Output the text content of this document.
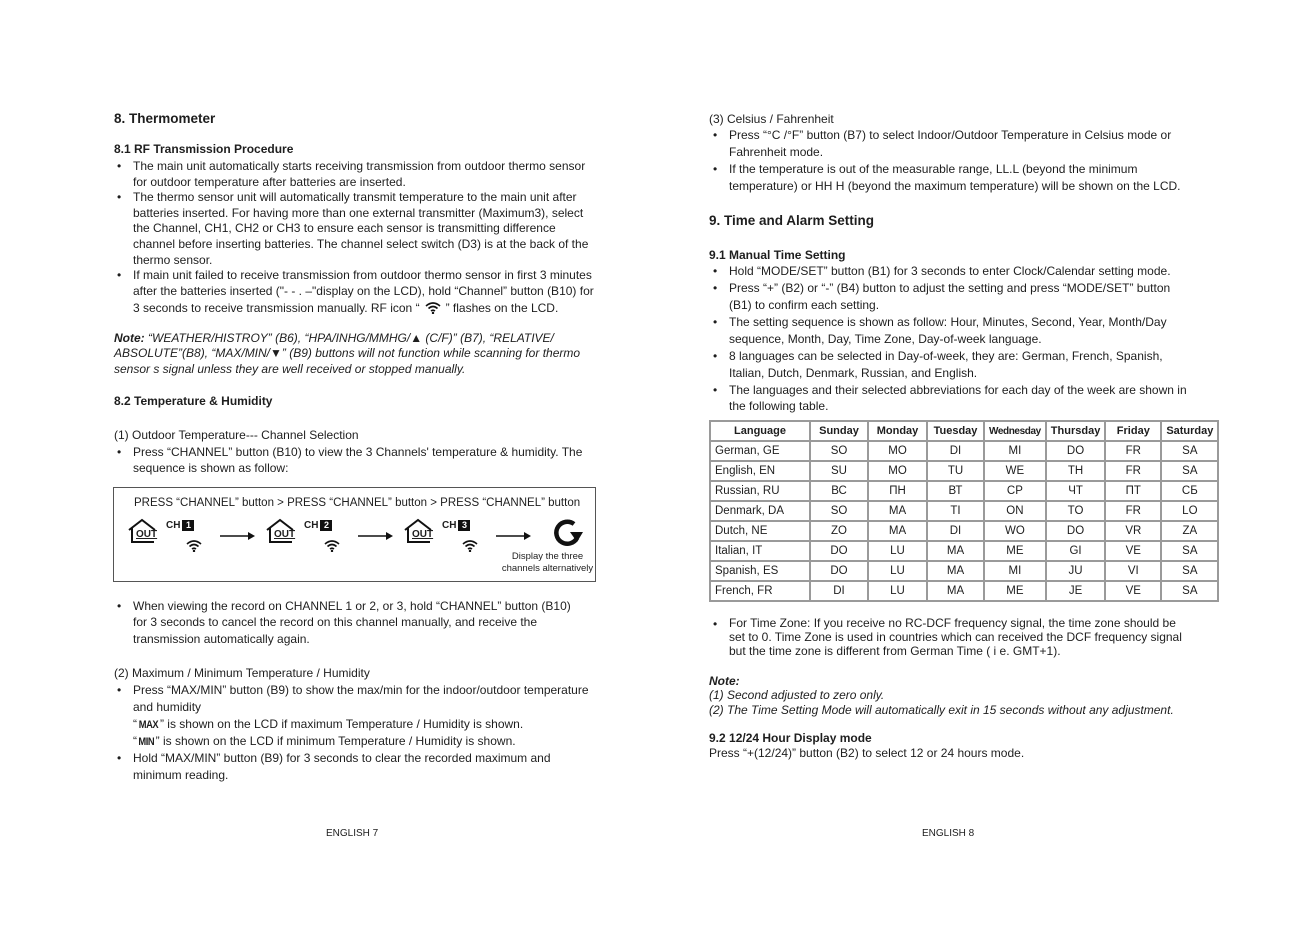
8. Thermometer
8.1 RF Transmission Procedure
• The main unit automatically starts receiving transmission from outdoor thermo sensor
for outdoor temperature after batteries are inserted.
• The thermo sensor unit will automatically transmit temperature to the main unit after
batteries inserted. For having more than one external transmitter (Maximum3), select
the Channel, CH1, CH2 or CH3 to ensure each sensor is transmitting difference
channel before inserting batteries. The channel select switch (D3) is at the back of the
thermo sensor.
• If main unit failed to receive transmission from outdoor thermo sensor in first 3 minutes
after the batteries inserted ("- - . –"display on the LCD), hold “Channel” button (B10) for
3 seconds to receive transmission manually. RF icon “ ” flashes on the LCD.
Note: “WEATHER/HISTROY” (B6), “HPA/INHG/MMHG/▲ (C/F)” (B7), “RELATIVE/
ABSOLUTE”(B8), “MAX/MIN/▼” (B9) buttons will not function while scanning for thermo
sensor s signal unless they are well received or stopped manually.
8.2 Temperature & Humidity
(1) Outdoor Temperature--- Channel Selection
• Press “CHANNEL” button (B10) to view the 3 Channels' temperature & humidity. The
sequence is shown as follow:
• When viewing the record on CHANNEL 1 or 2, or 3, hold “CHANNEL” button (B10)
for 3 seconds to cancel the record on this channel manually, and receive the
transmission automatically again.
(2) Maximum / Minimum Temperature / Humidity
• Press “MAX/MIN” button (B9) to show the max/min for the indoor/outdoor temperature
and humidity
“ MAX ” is shown on the LCD if maximum Temperature / Humidity is shown.
“MIN” is shown on the LCD if minimum Temperature / Humidity is shown.
• Hold “MAX/MIN” button (B9) for 3 seconds to clear the recorded maximum and
minimum reading.
PRESS “CHANNEL” button > PRESS “CHANNEL” button > PRESS “CHANNEL” button
OUT
CH 1
OUT
CH 2
OUT
CH 3
Display the three
channels alternatively
ENGLISH 7
(3) Celsius / Fahrenheit
9. Time and Alarm Setting
9.1 Manual Time Setting
• Hold “MODE/SET” button (B1) for 3 seconds to enter Clock/Calendar setting mode.
• Press “+” (B2) or “-” (B4) button to adjust the setting and press “MODE/SET” button
(B1) to confirm each setting.
• The setting sequence is shown as follow: Hour, Minutes, Second, Year, Month/Day
sequence, Month, Day, Time Zone, Day-of-week language.
• 8 languages can be selected in Day-of-week, they are: German, French, Spanish,
Italian, Dutch, Denmark, Russian, and English.
• The languages and their selected abbreviations for each day of the week are shown in
the following table.
Language	Sunday	Monday	Tuesday	Wednesday	Thursday	Friday	Saturday
German, GE	SO	MO	DI	MI	DO	FR	SA
English, EN	SU	MO	TU	WE	TH	FR	SA
Russian, RU	ВС	ПН	ВТ	СР	ЧТ	ПТ	СБ
Denmark, DA	SO	MA	TI	ON	TO	FR	LO
Dutch, NE	ZO	MA	DI	WO	DO	VR	ZA
Italian, IT	DO	LU	MA	ME	GI	VE	SA
Spanish, ES	DO	LU	MA	MI	JU	VI	SA
French, FR	DI	LU	MA	ME	JE	VE	SA
Note:
(1) Second adjusted to zero only.
(2) The Time Setting Mode will automatically exit in 15 seconds without any adjustment.
9.2 12/24 Hour Display mode
Press “+(12/24)” button (B2) to select 12 or 24 hours mode.
ENGLISH 8
• Press “°C /°F” button (B7) to select Indoor/Outdoor Temperature in Celsius mode or
Fahrenheit mode.
• If the temperature is out of the measurable range, LL.L (beyond the minimum
temperature) or HH H (beyond the maximum temperature) will be shown on the LCD.
• For Time Zone: If you receive no RC-DCF frequency signal, the time zone should be
set to 0. Time Zone is used in countries which can received the DCF frequency signal
but the time zone is different from German Time ( i e. GMT+1).
